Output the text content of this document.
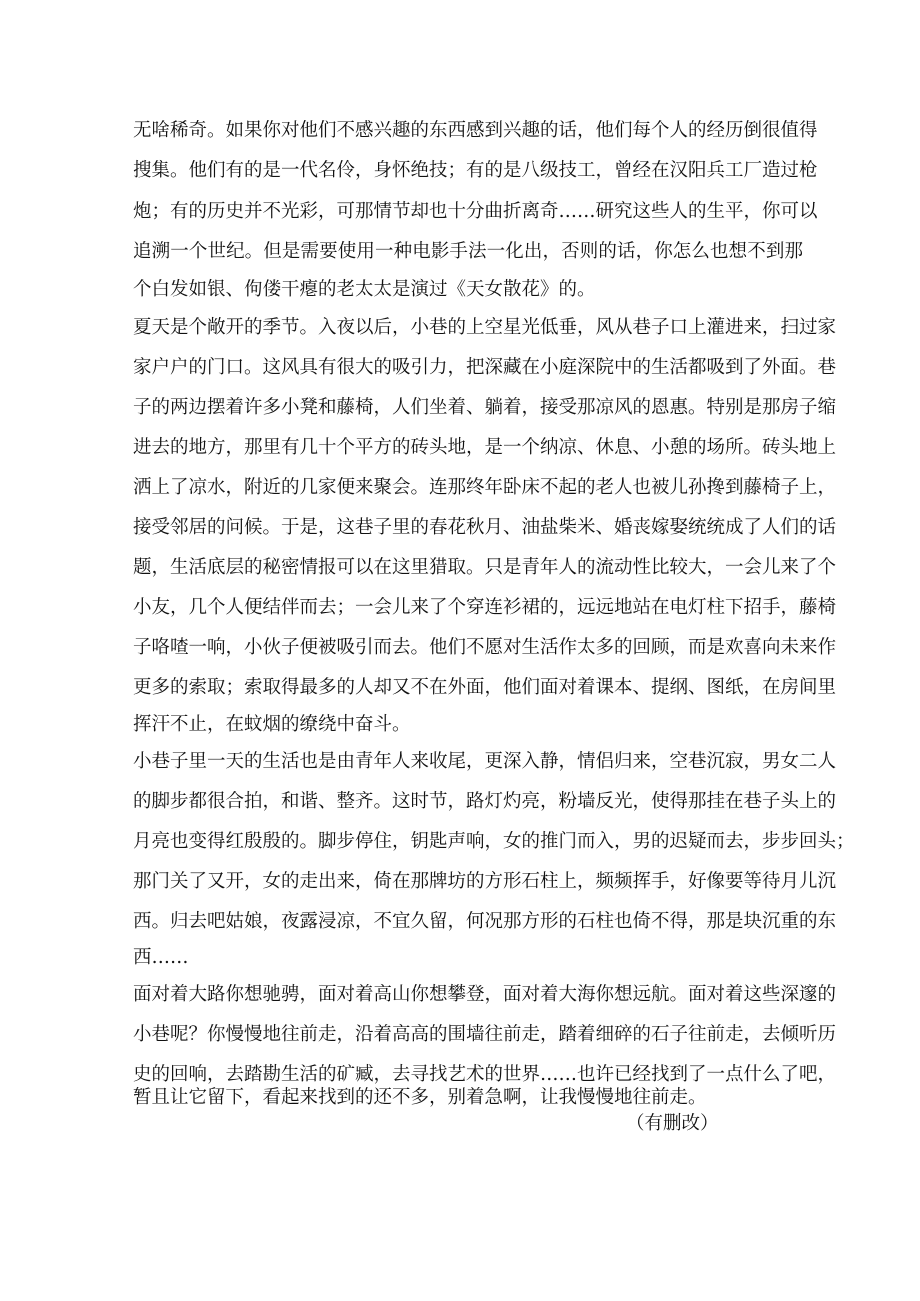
无啥稀奇。如果你对他们不感兴趣的东西感到兴趣的话，他们每个人的经历倒很值得
搜集。他们有的是一代名伶，身怀绝技；有的是八级技工，曾经在汉阳兵工厂造过枪
炮；有的历史并不光彩，可那情节却也十分曲折离奇……研究这些人的生平，你可以
追溯一个世纪。但是需要使用一种电影手法一化出，否则的话，你怎么也想不到那
个白发如银、佝偻干瘪的老太太是演过《天女散花》的。
夏天是个敞开的季节。入夜以后，小巷的上空星光低垂，风从巷子口上灌进来，扫过家
家户户的门口。这风具有很大的吸引力，把深藏在小庭深院中的生活都吸到了外面。巷
子的两边摆着许多小凳和藤椅，人们坐着、躺着，接受那凉风的恩惠。特别是那房子缩
进去的地方，那里有几十个平方的砖头地，是一个纳凉、休息、小憩的场所。砖头地上
洒上了凉水，附近的几家便来聚会。连那终年卧床不起的老人也被儿孙搀到藤椅子上，
接受邻居的问候。于是，这巷子里的春花秋月、油盐柴米、婚丧嫁娶统统成了人们的话
题，生活底层的秘密情报可以在这里猎取。只是青年人的流动性比较大，一会儿来了个
小友，几个人便结伴而去；一会儿来了个穿连衫裙的，远远地站在电灯柱下招手，藤椅
子咯喳一响，小伙子便被吸引而去。他们不愿对生活作太多的回顾，而是欢喜向未来作
更多的索取；索取得最多的人却又不在外面，他们面对着课本、提纲、图纸，在房间里
挥汗不止，在蚊烟的缭绕中奋斗。
小巷子里一天的生活也是由青年人来收尾，更深入静，情侣归来，空巷沉寂，男女二人
的脚步都很合拍，和谐、整齐。这时节，路灯灼亮，粉墙反光，使得那挂在巷子头上的
月亮也变得红殷殷的。脚步停住，钥匙声响，女的推门而入，男的迟疑而去，步步回头；
那门关了又开，女的走出来，倚在那牌坊的方形石柱上，频频挥手，好像要等待月儿沉
西。归去吧姑娘，夜露浸凉，不宜久留，何况那方形的石柱也倚不得，那是块沉重的东
西……
面对着大路你想驰骋，面对着高山你想攀登，面对着大海你想远航。面对着这些深邃的
小巷呢？你慢慢地往前走，沿着高高的围墙往前走，踏着细碎的石子往前走，去倾听历
史的回响，去踏勘生活的矿臧，去寻找艺术的世界……也许已经找到了一点什么了吧，
暂且让它留下，看起来找到的还不多，别着急啊，让我慢慢地往前走。
（有删改）
